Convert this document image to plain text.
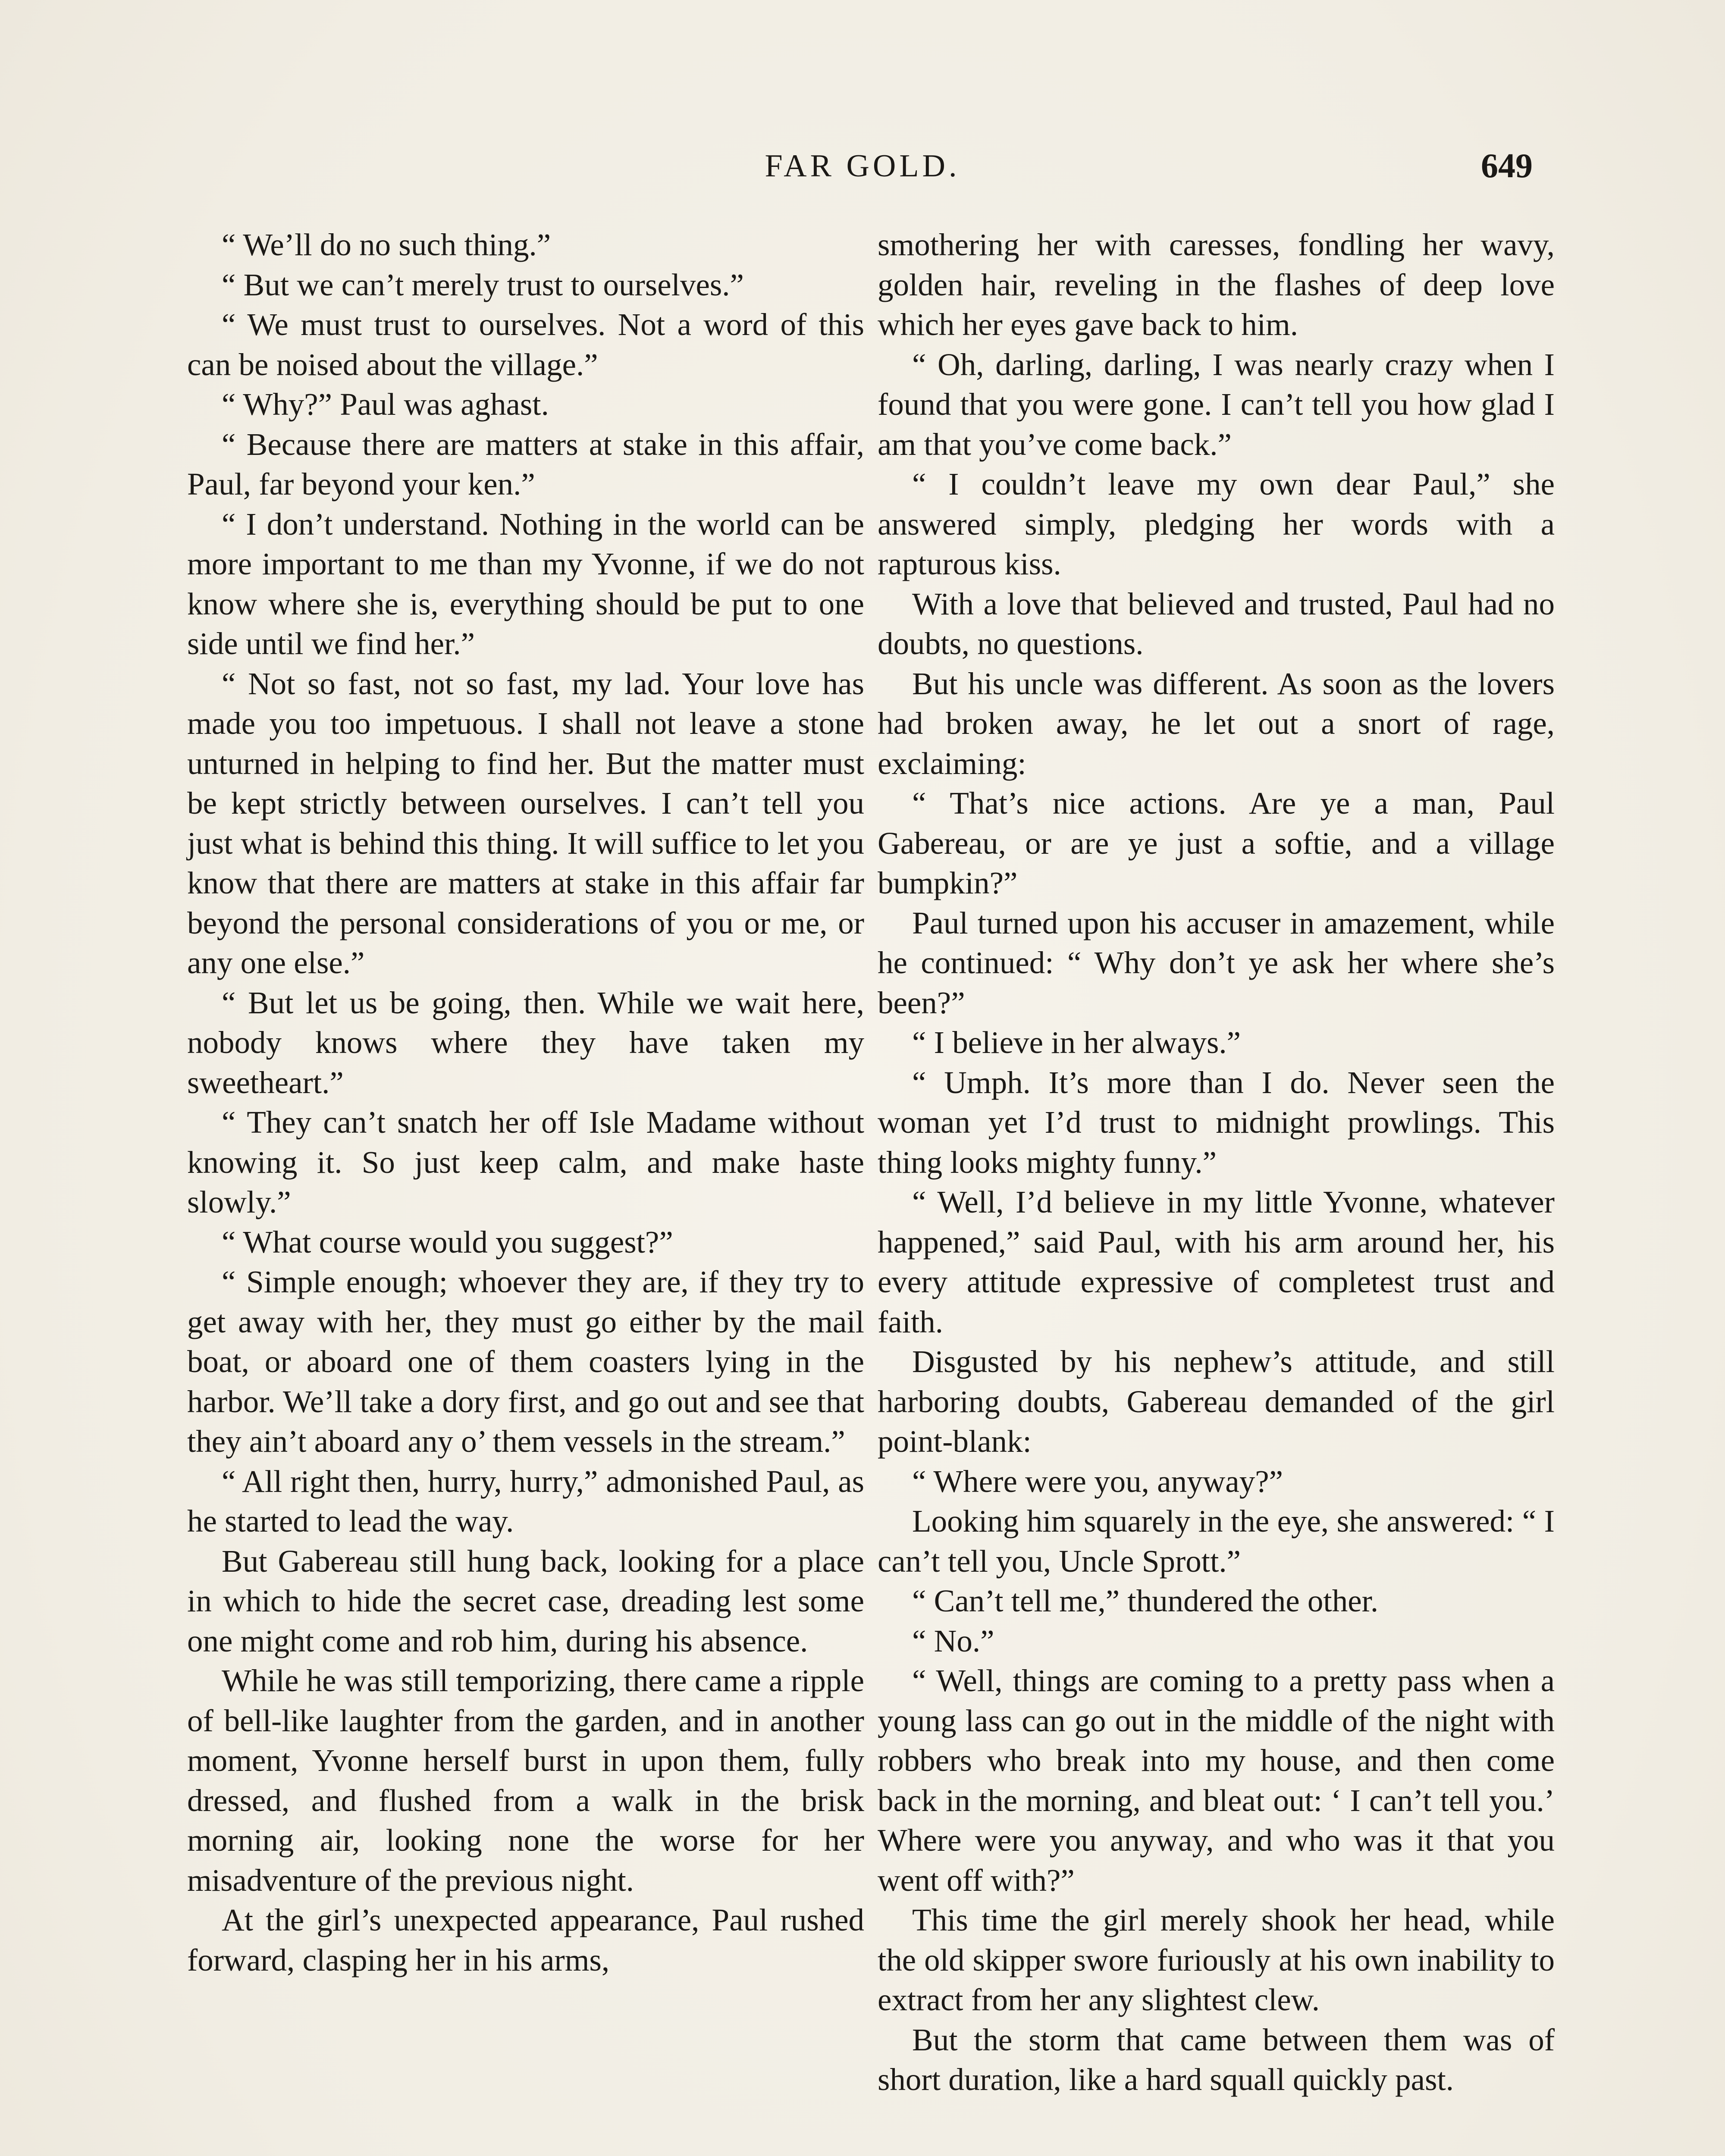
FAR GOLD.	649

“ We’ll do no such thing.”

“ But we can’t merely trust to ourselves.”

“ We must trust to ourselves. Not a word of this can be noised about the village.”

“ Why?” Paul was aghast.

“ Because there are matters at stake in this affair, Paul, far beyond your ken.”

“ I don’t understand. Nothing in the world can be more important to me than my Yvonne, if we do not know where she is, everything should be put to one side until we find her.”

“ Not so fast, not so fast, my lad. Your love has made you too impetuous. I shall not leave a stone unturned in helping to find her. But the matter must be kept strictly between ourselves. I can’t tell you just what is behind this thing. It will suffice to let you know that there are matters at stake in this affair far beyond the personal considerations of you or me, or any one else.”

“ But let us be going, then. While we wait here, nobody knows where they have taken my sweetheart.”

“ They can’t snatch her off Isle Madame without knowing it. So just keep calm, and make haste slowly.”

“ What course would you suggest?”

“ Simple enough; whoever they are, if they try to get away with her, they must go either by the mail boat, or aboard one of them coasters lying in the harbor. We’ll take a dory first, and go out and see that they ain’t aboard any o’ them vessels in the stream.”

“ All right then, hurry, hurry,” admonished Paul, as he started to lead the way.

But Gabereau still hung back, looking for a place in which to hide the secret case, dreading lest some one might come and rob him, during his absence.

While he was still temporizing, there came a ripple of bell-like laughter from the garden, and in another moment, Yvonne herself burst in upon them, fully dressed, and flushed from a walk in the brisk morning air, looking none the worse for her misadventure of the previous night.

At the girl’s unexpected appearance, Paul rushed forward, clasping her in his arms,

smothering her with caresses, fondling her wavy, golden hair, reveling in the flashes of deep love which her eyes gave back to him.

“ Oh, darling, darling, I was nearly crazy when I found that you were gone. I can’t tell you how glad I am that you’ve come back.”

“ I couldn’t leave my own dear Paul,” she answered simply, pledging her words with a rapturous kiss.

With a love that believed and trusted, Paul had no doubts, no questions.

But his uncle was different. As soon as the lovers had broken away, he let out a snort of rage, exclaiming:

“ That’s nice actions. Are ye a man, Paul Gabereau, or are ye just a softie, and a village bumpkin?”

Paul turned upon his accuser in amazement, while he continued: “ Why don’t ye ask her where she’s been?”

“ I believe in her always.”

“ Umph. It’s more than I do. Never seen the woman yet I’d trust to midnight prowlings. This thing looks mighty funny.”

“ Well, I’d believe in my little Yvonne, whatever happened,” said Paul, with his arm around her, his every attitude expressive of completest trust and faith.

Disgusted by his nephew’s attitude, and still harboring doubts, Gabereau demanded of the girl point-blank:

“ Where were you, anyway?”

Looking him squarely in the eye, she answered: “ I can’t tell you, Uncle Sprott.”

“ Can’t tell me,” thundered the other.

“ No.”

“ Well, things are coming to a pretty pass when a young lass can go out in the middle of the night with robbers who break into my house, and then come back in the morning, and bleat out: ‘ I can’t tell you.’ Where were you anyway, and who was it that you went off with?”

This time the girl merely shook her head, while the old skipper swore furiously at his own inability to extract from her any slightest clew.

But the storm that came between them was of short duration, like a hard squall quickly past.
